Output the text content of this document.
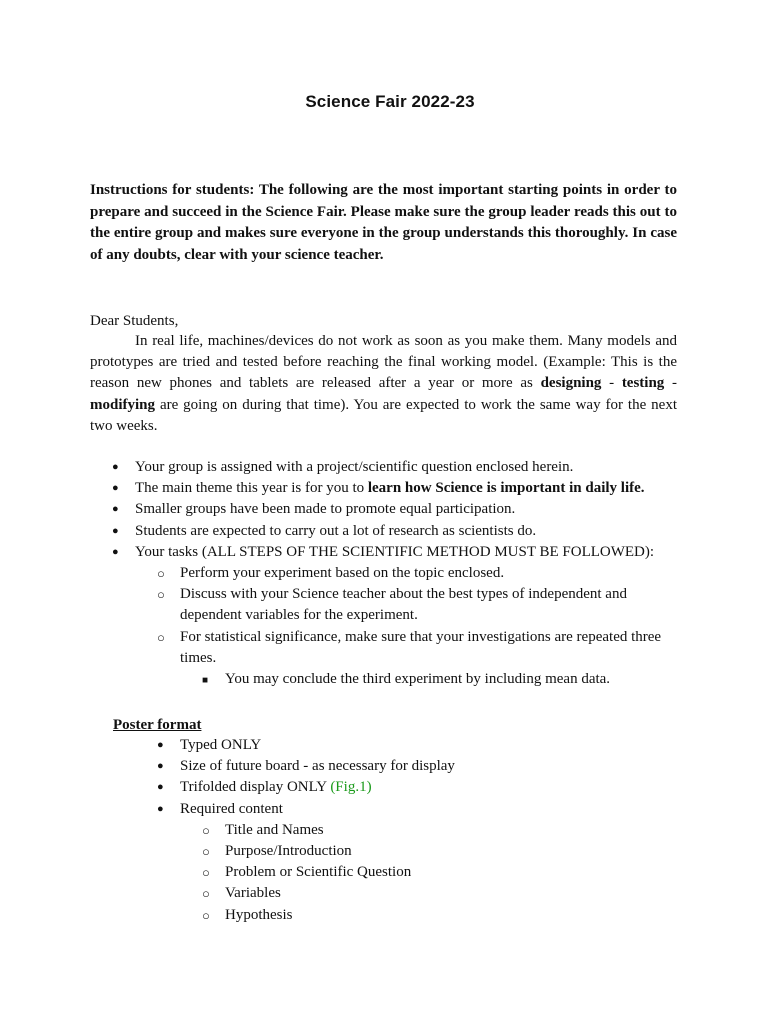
Science Fair 2022-23

Instructions for students: The following are the most important starting points in order to prepare and succeed in the Science Fair. Please make sure the group leader reads this out to the entire group and makes sure everyone in the group understands this thoroughly. In case of any doubts, clear with your science teacher.

Dear Students,

In real life, machines/devices do not work as soon as you make them. Many models and prototypes are tried and tested before reaching the final working model. (Example: This is the reason new phones and tablets are released after a year or more as designing - testing - modifying are going on during that time). You are expected to work the same way for the next two weeks.

● Your group is assigned with a project/scientific question enclosed herein.
● The main theme this year is for you to learn how Science is important in daily life.
● Smaller groups have been made to promote equal participation.
● Students are expected to carry out a lot of research as scientists do.
● Your tasks (ALL STEPS OF THE SCIENTIFIC METHOD MUST BE FOLLOWED):
○ Perform your experiment based on the topic enclosed.
○ Discuss with your Science teacher about the best types of independent and dependent variables for the experiment.
○ For statistical significance, make sure that your investigations are repeated three times.
■ You may conclude the third experiment by including mean data.

Poster format

● Typed ONLY
● Size of future board - as necessary for display
● Trifolded display ONLY (Fig.1)
● Required content
○ Title and Names
○ Purpose/Introduction
○ Problem or Scientific Question
○ Variables
○ Hypothesis
